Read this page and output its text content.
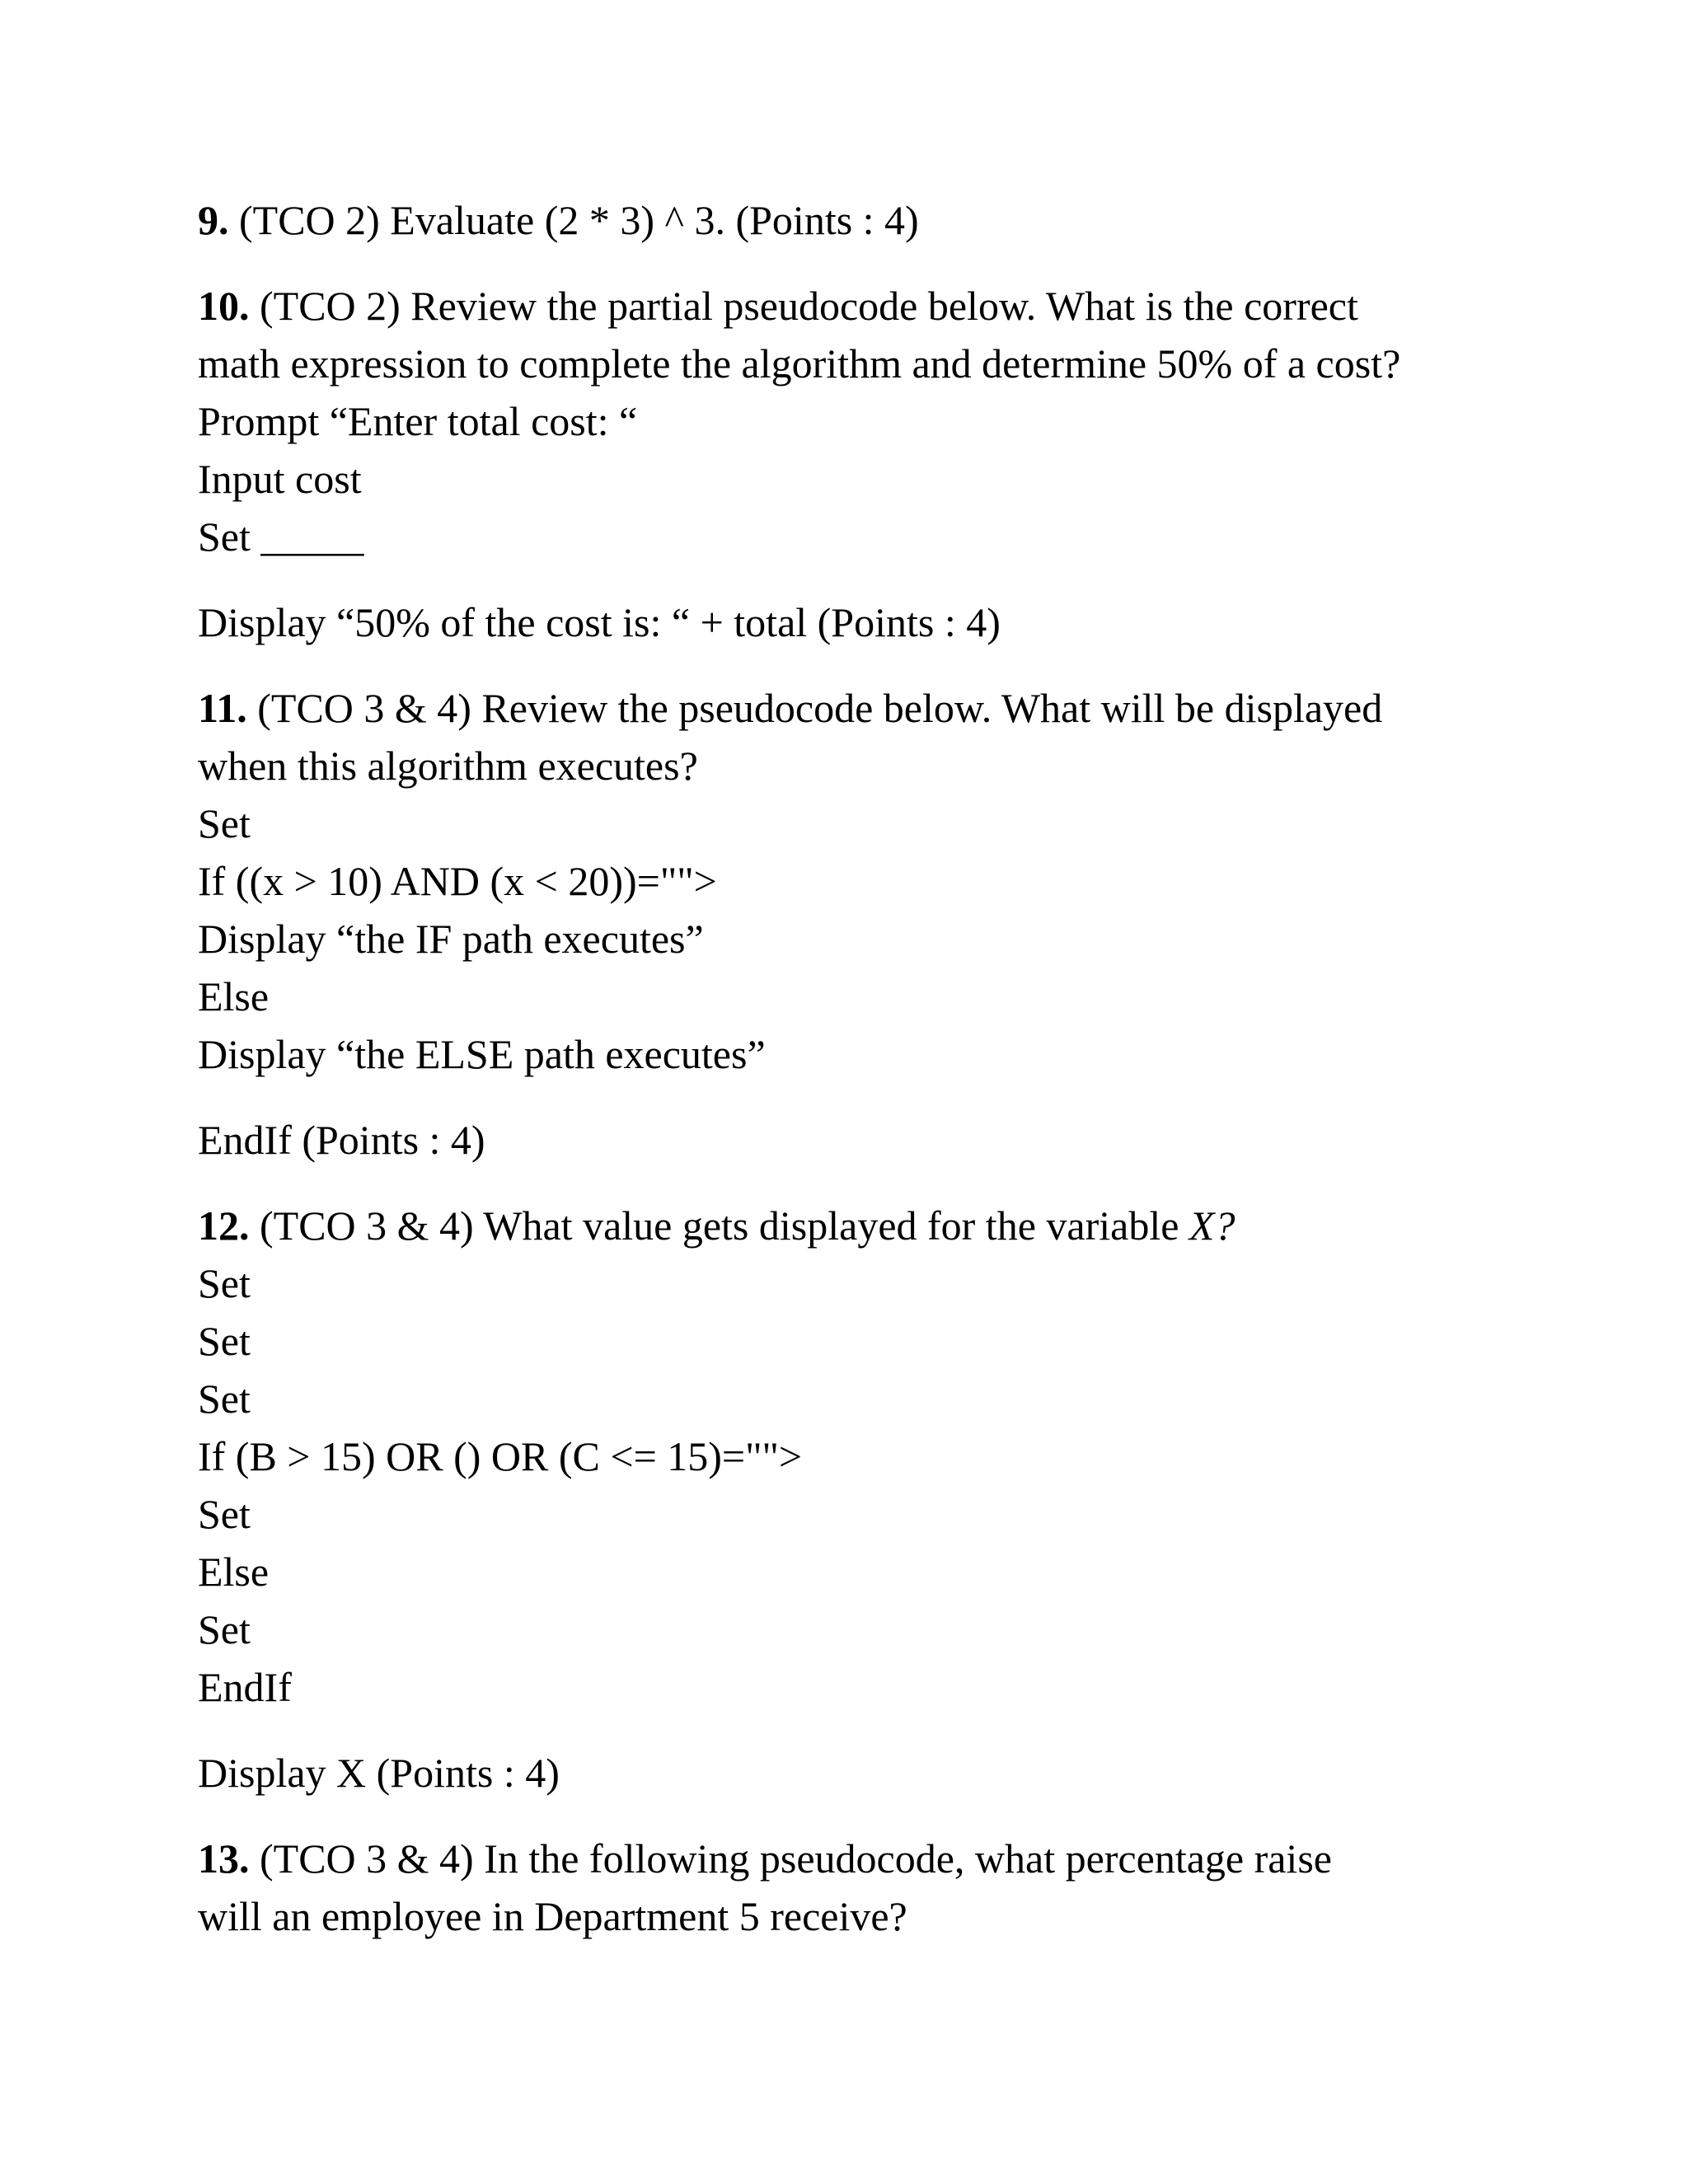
9. (TCO 2) Evaluate (2 * 3) ^ 3. (Points : 4)
10. (TCO 2) Review the partial pseudocode below. What is the correct
math expression to complete the algorithm and determine 50% of a cost?
Prompt “Enter total cost: “
Input cost
Set _____
Display “50% of the cost is: “ + total (Points : 4)
11. (TCO 3 & 4) Review the pseudocode below. What will be displayed
when this algorithm executes?
Set
If ((x > 10) AND (x < 20))="">
Display “the IF path executes”
Else
Display “the ELSE path executes”
EndIf (Points : 4)
12. (TCO 3 & 4) What value gets displayed for the variable X?
Set
Set
Set
If (B > 15) OR () OR (C <= 15)="">
Set
Else
Set
EndIf
Display X (Points : 4)
13. (TCO 3 & 4) In the following pseudocode, what percentage raise
will an employee in Department 5 receive?
